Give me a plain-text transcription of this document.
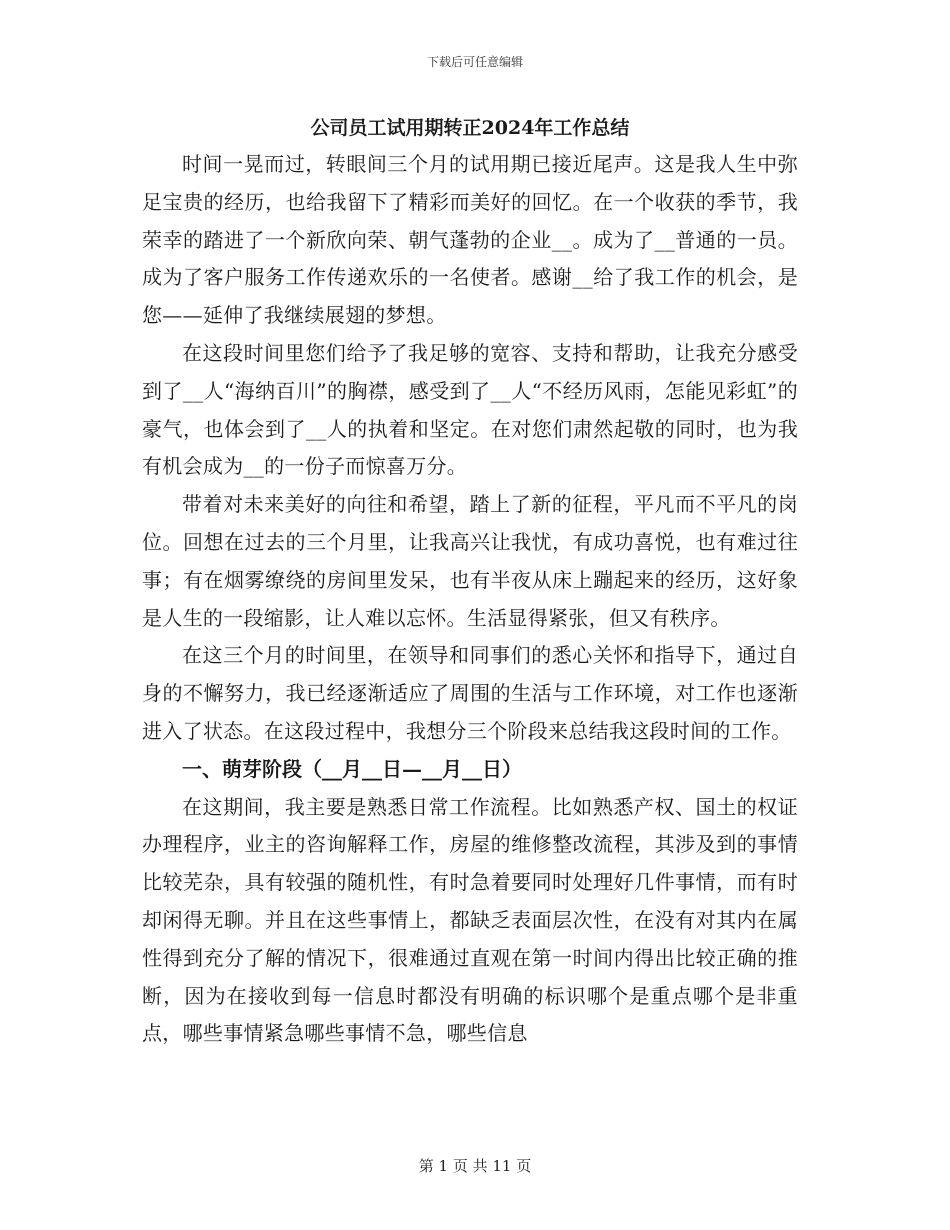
下载后可任意编辑
公司员工试用期转正2024年工作总结

时间一晃而过，转眼间三个月的试用期已接近尾声。这是我人生中弥足宝贵的经历，也给我留下了精彩而美好的回忆。在一个收获的季节，我荣幸的踏进了一个新欣向荣、朝气蓬勃的企业__。成为了__普通的一员。成为了客户服务工作传递欢乐的一名使者。感谢__给了我工作的机会，是您——延伸了我继续展翅的梦想。

在这段时间里您们给予了我足够的宽容、支持和帮助，让我充分感受到了__人“海纳百川”的胸襟，感受到了__人“不经历风雨，怎能见彩虹”的豪气，也体会到了__人的执着和坚定。在对您们肃然起敬的同时，也为我有机会成为__的一份子而惊喜万分。

带着对未来美好的向往和希望，踏上了新的征程，平凡而不平凡的岗位。回想在过去的三个月里，让我高兴让我忧，有成功喜悦，也有难过往事；有在烟雾缭绕的房间里发呆，也有半夜从床上蹦起来的经历，这好象是人生的一段缩影，让人难以忘怀。生活显得紧张，但又有秩序。

在这三个月的时间里，在领导和同事们的悉心关怀和指导下，通过自身的不懈努力，我已经逐渐适应了周围的生活与工作环境，对工作也逐渐进入了状态。在这段过程中，我想分三个阶段来总结我这段时间的工作。

一、萌芽阶段（__月__日—__月__日）

在这期间，我主要是熟悉日常工作流程。比如熟悉产权、国土的权证办理程序，业主的咨询解释工作，房屋的维修整改流程，其涉及到的事情比较芜杂，具有较强的随机性，有时急着要同时处理好几件事情，而有时却闲得无聊。并且在这些事情上，都缺乏表面层次性，在没有对其内在属性得到充分了解的情况下，很难通过直观在第一时间内得出比较正确的推断，因为在接收到每一信息时都没有明确的标识哪个是重点哪个是非重点，哪些事情紧急哪些事情不急，哪些信息

第 1 页 共 11 页
